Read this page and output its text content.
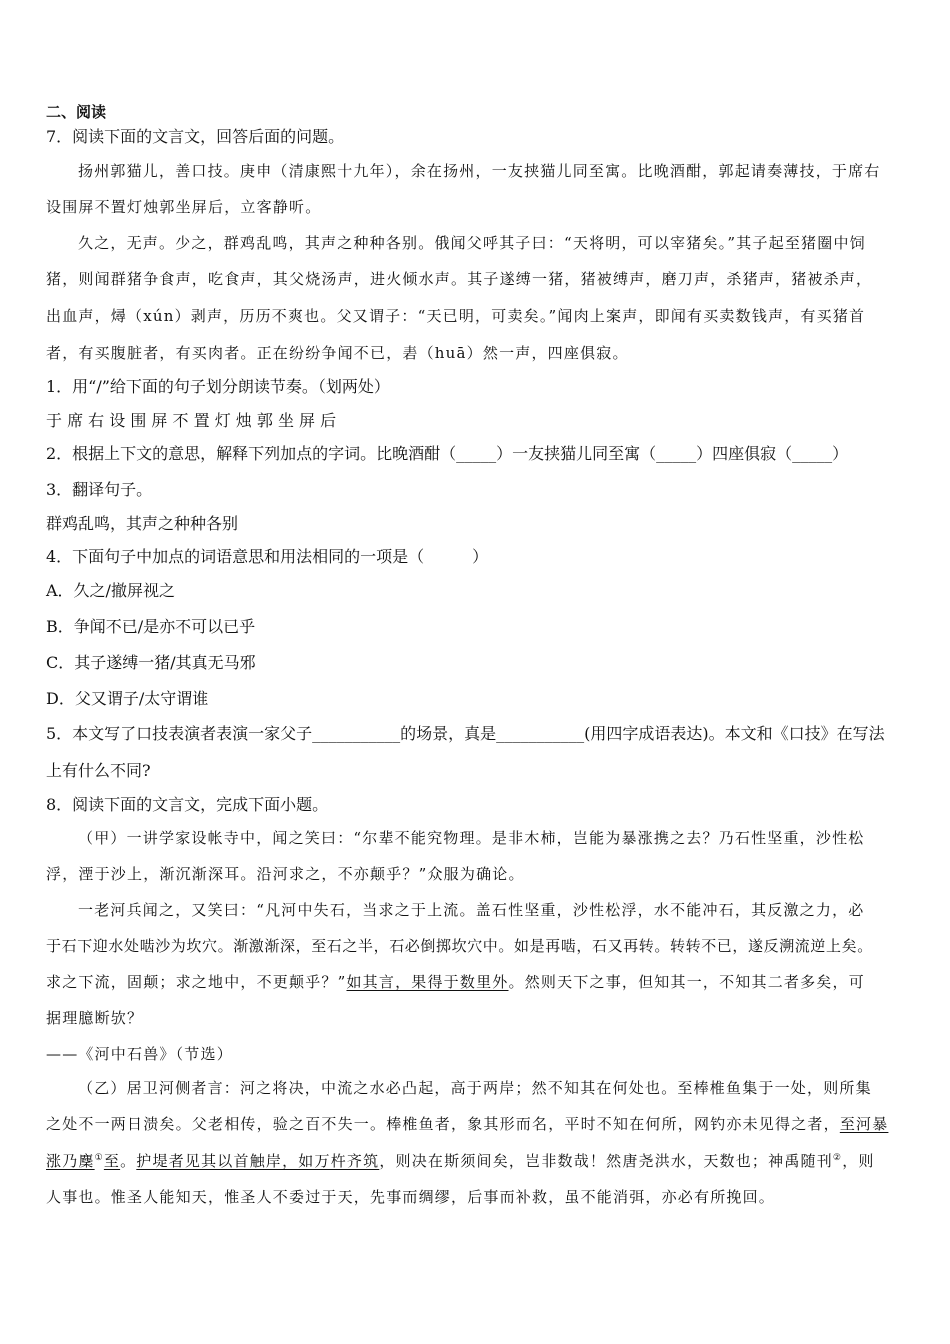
二、阅读
7．阅读下面的文言文，回答后面的问题。
扬州郭猫儿，善口技。庚申（清康熙十九年），余在扬州，一友挟猫儿同至寓。比晚酒酣，郭起请奏薄技，于席右
设围屏不置灯烛郭坐屏后，立客静听。
久之，无声。少之，群鸡乱鸣，其声之种种各别。俄闻父呼其子曰：“天将明，可以宰猪矣。”其子起至猪圈中饲
猪，则闻群猪争食声，吃食声，其父烧汤声，进火倾水声。其子遂缚一猪，猪被缚声，磨刀声，杀猪声，猪被杀声，
出血声，燖（xún）剥声，历历不爽也。父又谓子：“天已明，可卖矣。”闻肉上案声，即闻有买卖数钱声，有买猪首
者，有买腹脏者，有买肉者。正在纷纷争闻不已，砉（huā）然一声，四座俱寂。
1．用“/”给下面的句子划分朗读节奏。（划两处）
于 席 右 设 围 屏 不 置 灯 烛 郭 坐 屏 后
2．根据上下文的意思，解释下列加点的字词。比晚酒酣（_____）一友挟猫儿同至寓（_____）四座俱寂（_____）
3．翻译句子。
群鸡乱鸣，其声之种种各别
4．下面句子中加点的词语意思和用法相同的一项是（　　　）
A．久之/撤屏视之
B．争闻不已/是亦不可以已乎
C．其子遂缚一猪/其真无马邪
D．父又谓子/太守谓谁
5．本文写了口技表演者表演一家父子___________的场景，真是___________(用四字成语表达)。本文和《口技》在写法
上有什么不同?
8．阅读下面的文言文，完成下面小题。
（甲）一讲学家设帐寺中，闻之笑曰：“尔辈不能究物理。是非木柿，岂能为暴涨携之去？乃石性坚重，沙性松
浮，湮于沙上，渐沉渐深耳。沿河求之，不亦颠乎？”众服为确论。
一老河兵闻之，又笑曰：“凡河中失石，当求之于上流。盖石性坚重，沙性松浮，水不能冲石，其反激之力，必
于石下迎水处啮沙为坎穴。渐激渐深，至石之半，石必倒掷坎穴中。如是再啮，石又再转。转转不已，遂反溯流逆上矣。
求之下流，固颠；求之地中，不更颠乎？”如其言，果得于数里外。然则天下之事，但知其一，不知其二者多矣，可
据理臆断欤？
——《河中石兽》（节选）
（乙）居卫河侧者言：河之将决，中流之水必凸起，高于两岸；然不知其在何处也。至棒椎鱼集于一处，则所集
之处不一两日溃矣。父老相传，验之百不失一。棒椎鱼者，象其形而名，平时不知在何所，网钓亦未见得之者，至河暴
涨乃麇①至。护堤者见其以首触岸，如万杵齐筑，则决在斯须间矣，岂非数哉！然唐尧洪水，天数也；神禹随刊②，则
人事也。惟圣人能知天，惟圣人不委过于天，先事而绸缪，后事而补救，虽不能消弭，亦必有所挽回。
